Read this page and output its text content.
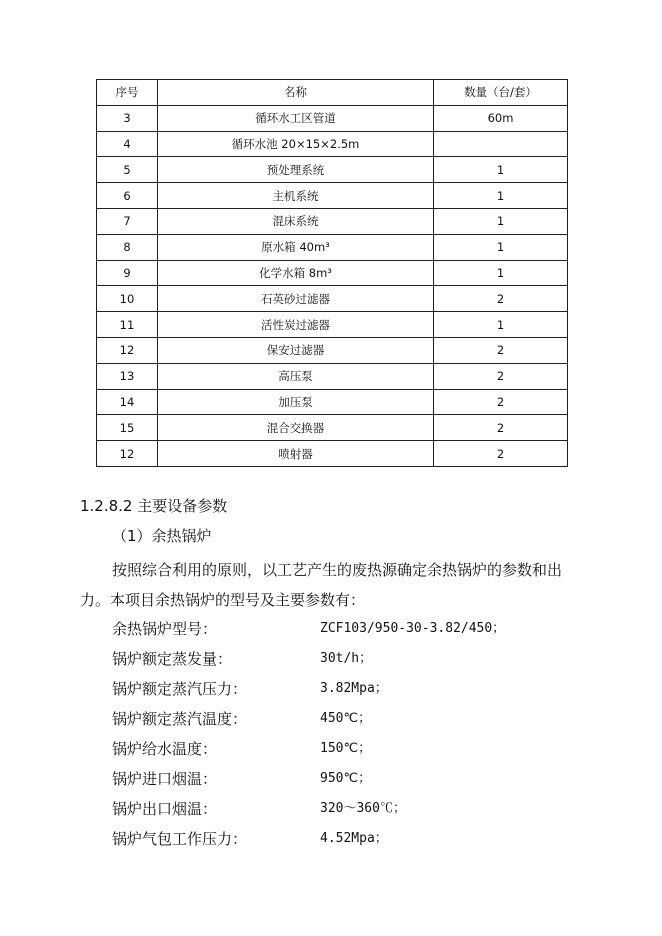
序号	名称	数量（台/套）
3	循环水工区管道	60m
4	循环水池 20×15×2.5m	
5	预处理系统	1
6	主机系统	1
7	混床系统	1
8	原水箱 40m³	1
9	化学水箱 8m³	1
10	石英砂过滤器	2
11	活性炭过滤器	1
12	保安过滤器	2
13	高压泵	2
14	加压泵	2
15	混合交换器	2
12	喷射器	2
1.2.8.2 主要设备参数
（1）余热锅炉
按照综合利用的原则，以工艺产生的废热源确定余热锅炉的参数和出力。本项目余热锅炉的型号及主要参数有：
余热锅炉型号：	ZCF103/950-30-3.82/450；
锅炉额定蒸发量：	30t/h；
锅炉额定蒸汽压力：	3.82Mpa；
锅炉额定蒸汽温度：	450℃；
锅炉给水温度：	150℃；
锅炉进口烟温：	950℃；
锅炉出口烟温：	320～360℃；
锅炉气包工作压力：	4.52Mpa；
